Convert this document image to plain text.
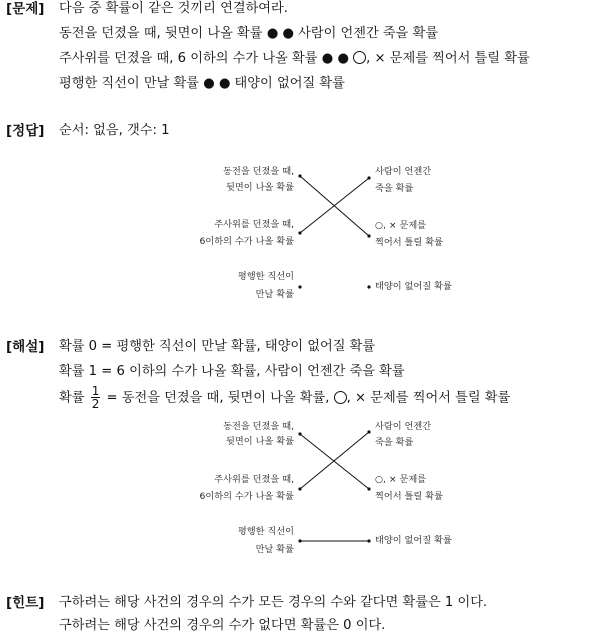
[문제] 다음 중 확률이 같은 것끼리 연결하여라.
동전을 던졌을 때, 뒷면이 나올 확률 ● ● 사람이 언젠간 죽을 확률
주사위를 던졌을 때, 6 이하의 수가 나올 확률 ● ● , × 문제를 찍어서 틀릴 확률
평행한 직선이 만날 확률 ● ● 태양이 없어질 확률
[정답] 순서: 없음, 갯수: 1
동전을 던졌을 때,
뒷면이 나올 확률
주사위를 던졌을 때,
6이하의 수가 나올 확률
평행한 직선이
만날 확률
사람이 언젠간
죽을 확률
○, × 문제를
찍어서 틀릴 확률
태양이 없어질 확률
[해설] 확률 0 = 평행한 직선이 만날 확률, 태양이 없어질 확률
확률 1 = 6 이하의 수가 나올 확률, 사람이 언젠간 죽을 확률
확률 $\frac{1}{2}$ = 동전을 던졌을 때, 뒷면이 나올 확률, , × 문제를 찍어서 틀릴 확률
동전을 던졌을 때,
뒷면이 나올 확률
주사위를 던졌을 때,
6이하의 수가 나올 확률
평행한 직선이
만날 확률
사람이 언젠간
죽을 확률
○, × 문제를
찍어서 틀릴 확률
태양이 없어질 확률
[힌트] 구하려는 해당 사건의 경우의 수가 모든 경우의 수와 같다면 확률은 1 이다.
구하려는 해당 사건의 경우의 수가 없다면 확률은 0 이다.
